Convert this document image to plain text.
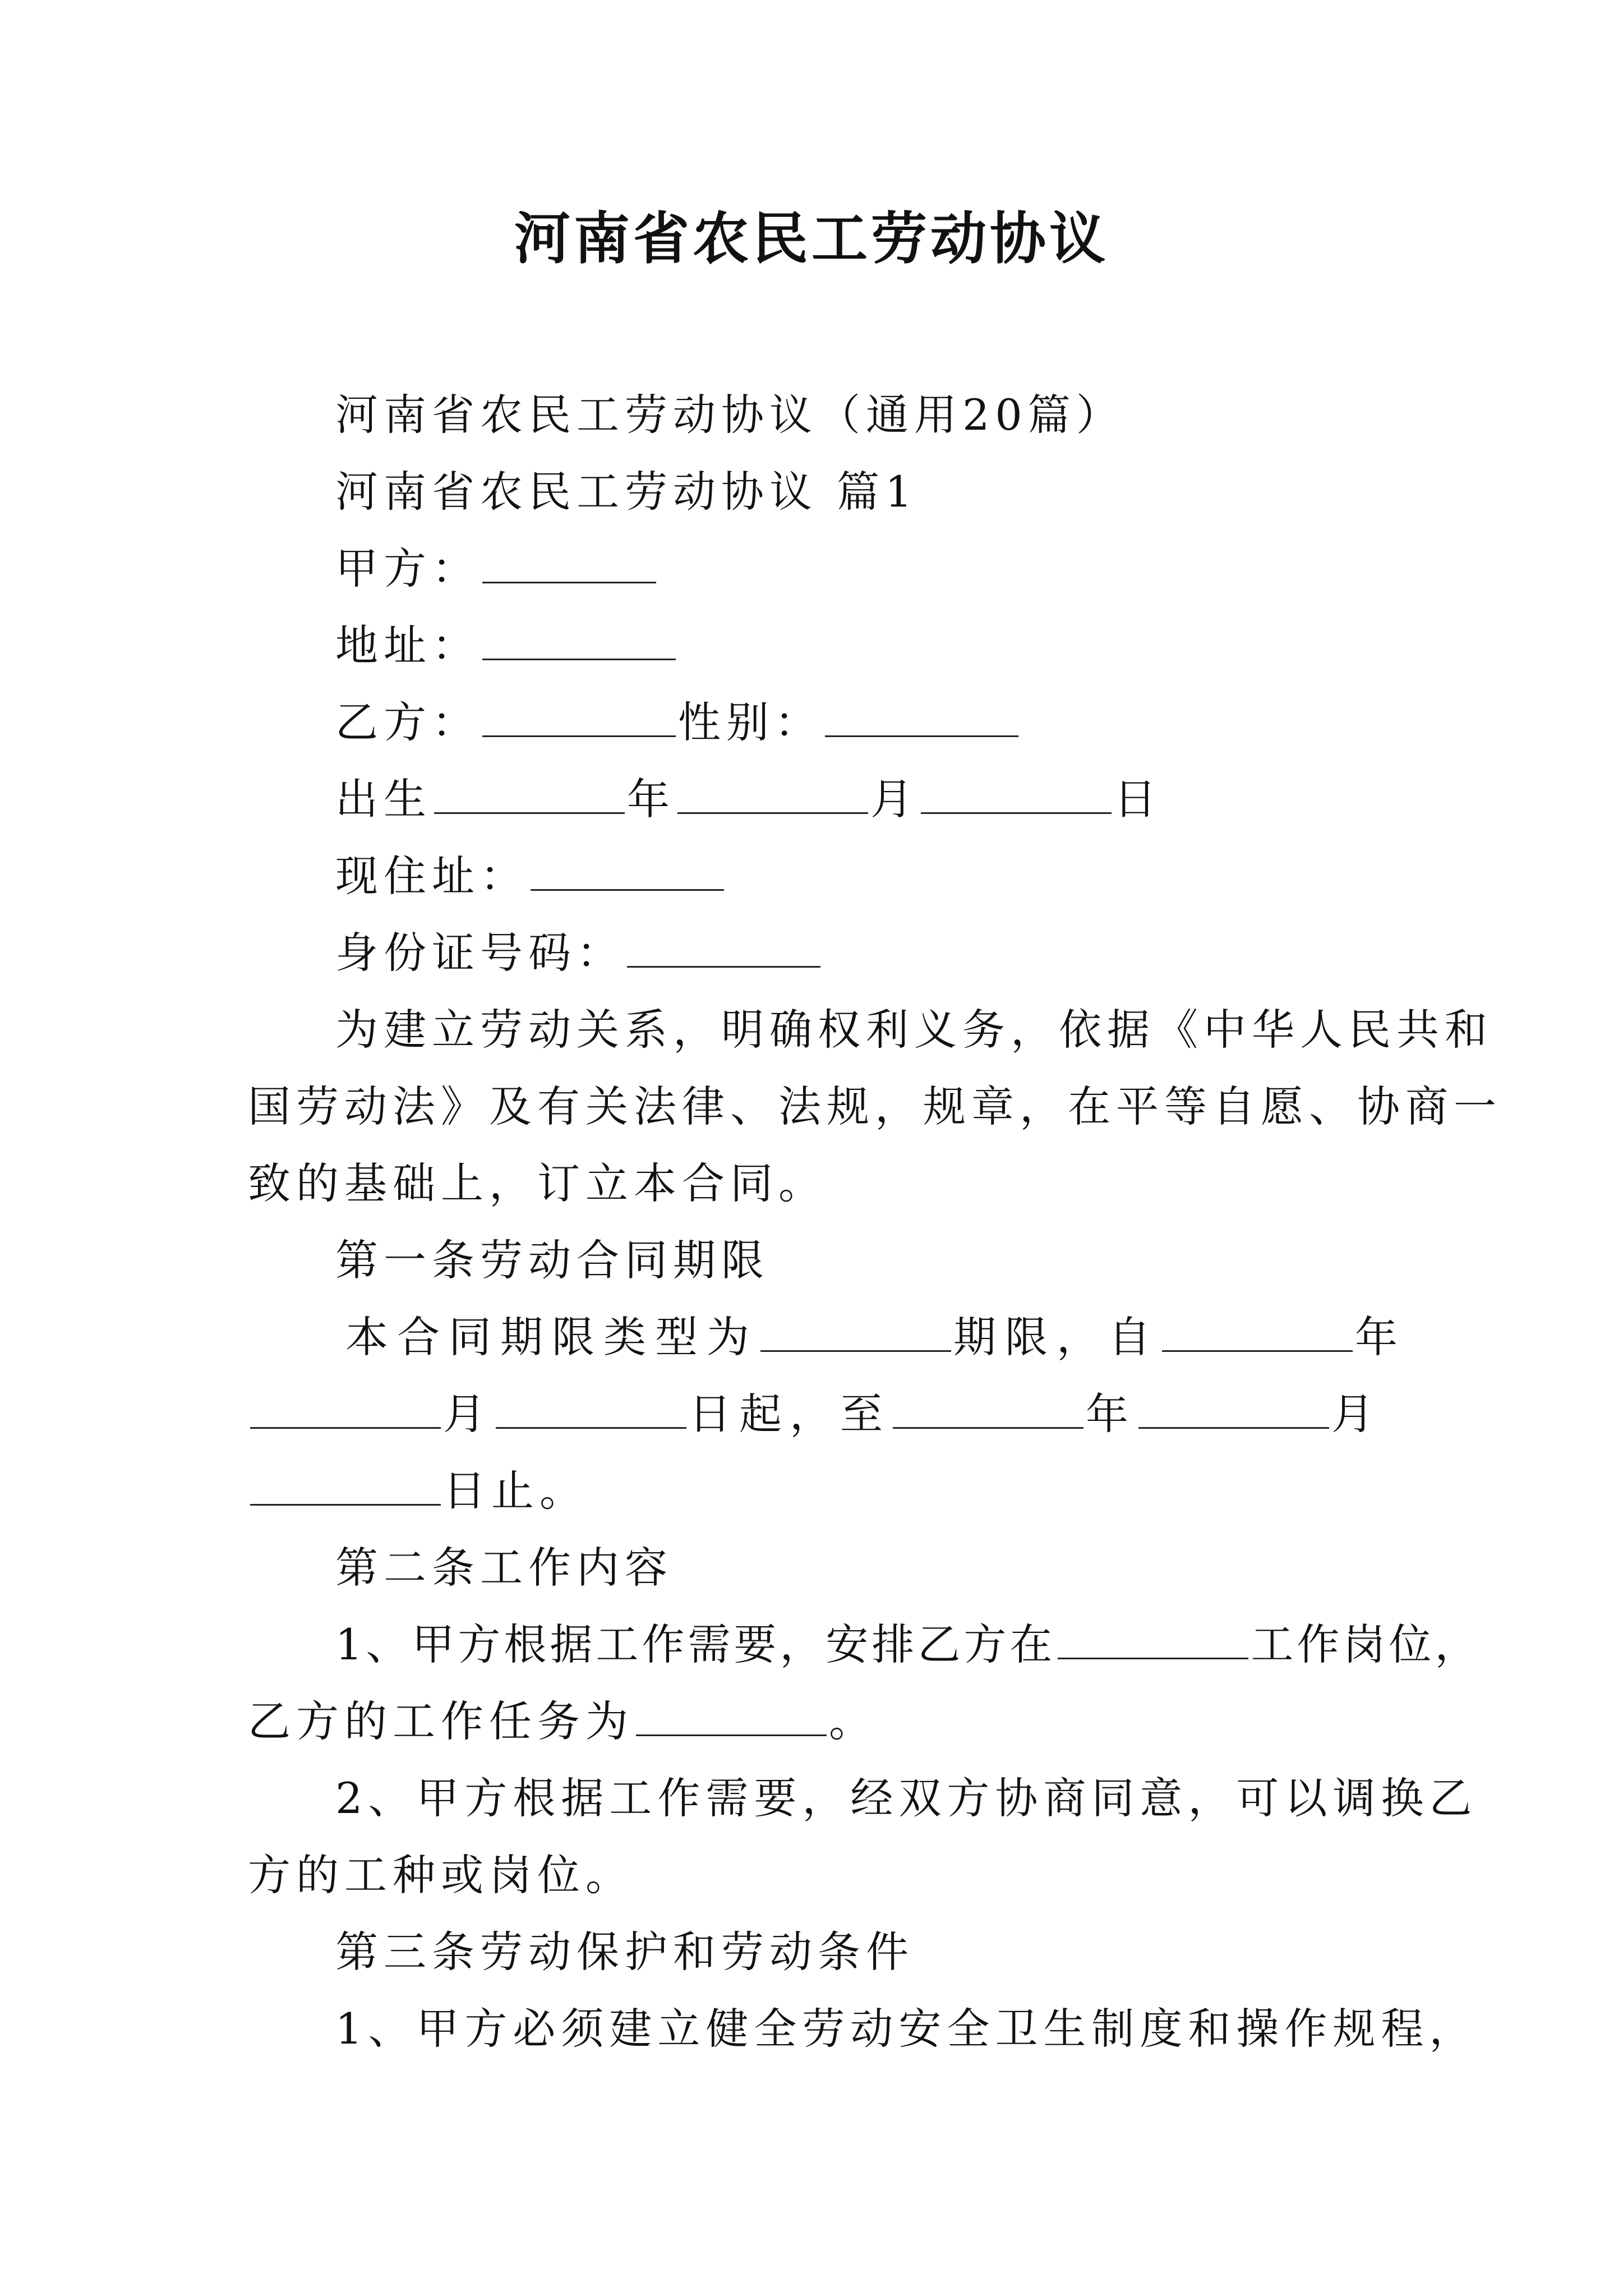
河南省农民工劳动协议
河南省农民工劳动协议（通用20篇）
河南省农民工劳动协议 篇1
甲方：
地址：
乙方：	性别：
出生	年	月	日
现住址：
身份证号码：
为建立劳动关系，明确权利义务，依据《中华人民共和
国劳动法》及有关法律、法规，规章，在平等自愿、协商一
致的基础上，订立本合同。
第一条劳动合同期限
本合同期限类型为	期限，自	年
月	日起，至	年	月
日止。
第二条工作内容
1、甲方根据工作需要，安排乙方在	工作岗位，
乙方的工作任务为	。
2、甲方根据工作需要，经双方协商同意，可以调换乙
方的工种或岗位。
第三条劳动保护和劳动条件
1、甲方必须建立健全劳动安全卫生制度和操作规程，
